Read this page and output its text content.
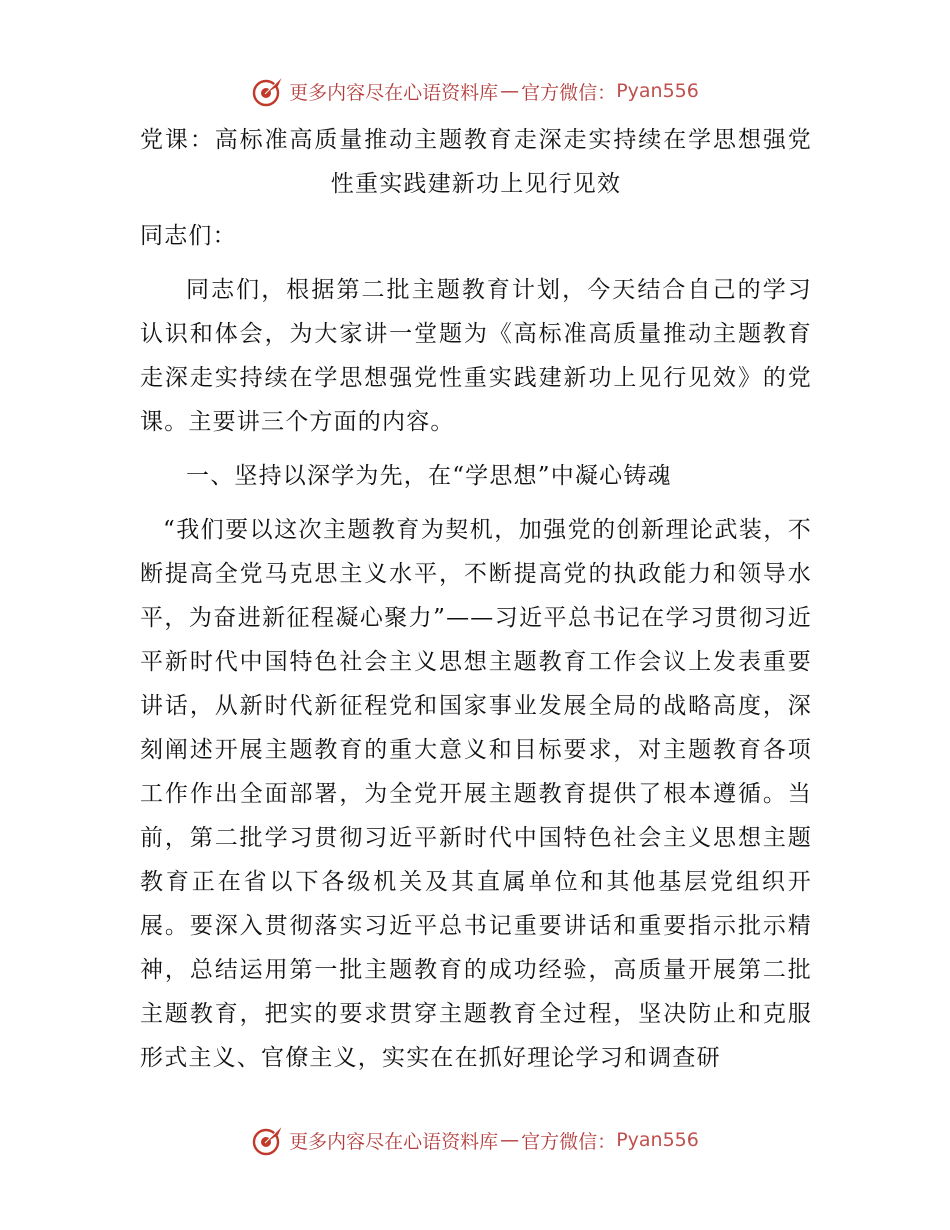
更多内容尽在心语资料库 — 官方微信： Pyan556
党课：高标准高质量推动主题教育走深走实持续在学思想强党
性重实践建新功上见行见效

同志们：

同志们，根据第二批主题教育计划，今天结合自己的学习认识和体会，为大家讲一堂题为《高标准高质量推动主题教育走深走实持续在学思想强党性重实践建新功上见行见效》的党课。主要讲三个方面的内容。

一、坚持以深学为先，在“学思想”中凝心铸魂

“我们要以这次主题教育为契机，加强党的创新理论武装，不断提高全党马克思主义水平，不断提高党的执政能力和领导水平，为奋进新征程凝心聚力”——习近平总书记在学习贯彻习近平新时代中国特色社会主义思想主题教育工作会议上发表重要讲话，从新时代新征程党和国家事业发展全局的战略高度，深刻阐述开展主题教育的重大意义和目标要求，对主题教育各项工作作出全面部署，为全党开展主题教育提供了根本遵循。当前，第二批学习贯彻习近平新时代中国特色社会主义思想主题教育正在省以下各级机关及其直属单位和其他基层党组织开展。要深入贯彻落实习近平总书记重要讲话和重要指示批示精神，总结运用第一批主题教育的成功经验，高质量开展第二批主题教育，把实的要求贯穿主题教育全过程，坚决防止和克服形式主义、官僚主义，实实在在抓好理论学习和调查研

更多内容尽在心语资料库 — 官方微信： Pyan556
